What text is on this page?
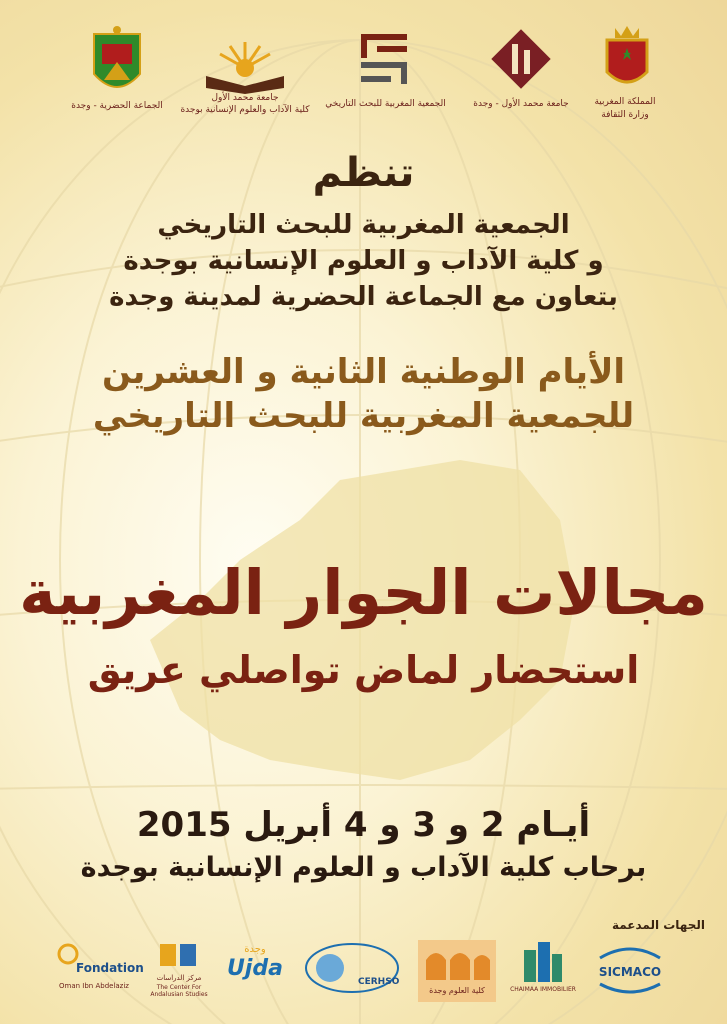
الجماعة الحضرية - وجدة
جامعة محمد الأول
كلية الآداب والعلوم الإنسانية بوجدة
الجمعية المغربية للبحث التاريخي	جامعة محمد الأول - وجدة	المملكة المغربية
وزارة الثقافة
تنظم
الجمعية المغربية للبحث التاريخي
و كلية الآداب و العلوم الإنسانية بوجدة
بتعاون مع الجماعة الحضرية لمدينة وجدة
الأيام الوطنية الثانية و العشرين
للجمعية المغربية للبحث التاريخي
مجالات الجوار المغربية
استحضار لماض تواصلي عريق
أيـام 2 و 3 و 4 أبريل 2015
برحاب كلية الآداب و العلوم الإنسانية بوجدة
الجهات المدعمة
Fondation
Oman Ibn Abdelaziz
مركز الدراسات
The Center For Andalusian Studies
وجدة
Ujda
CERHSO
كلية العلوم وجدة	CHAIMAA IMMOBILIER
SICMACO
